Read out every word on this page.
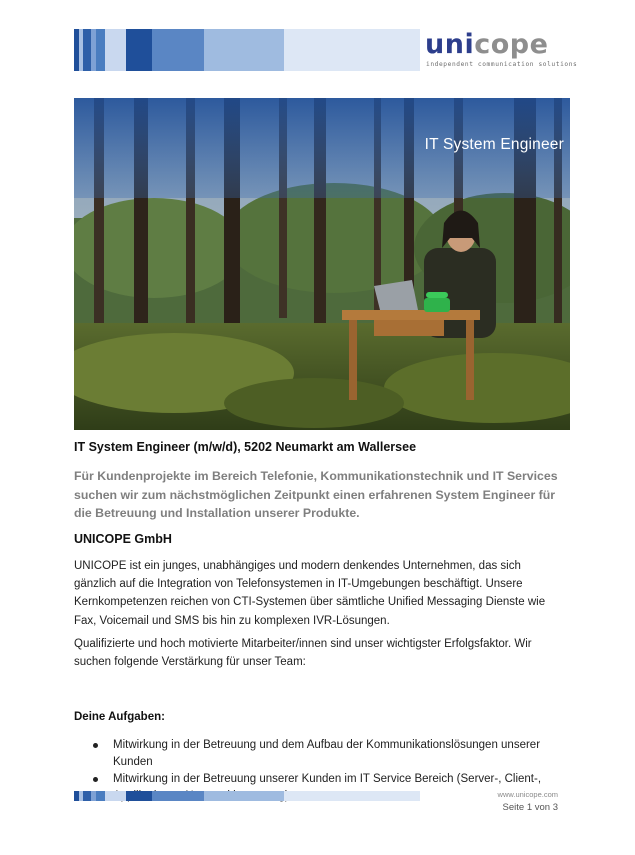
unicope
independent communication solutions
IT System Engineer
IT System Engineer (m/w/d), 5202 Neumarkt am Wallersee
Für Kundenprojekte im Bereich Telefonie, Kommunikationstechnik und IT Services suchen wir zum nächstmöglichen Zeitpunkt einen erfahrenen System Engineer für die Betreuung und Installation unserer Produkte.
UNICOPE GmbH
UNICOPE ist ein junges, unabhängiges und modern denkendes Unternehmen, das sich gänzlich auf die Integration von Telefonsystemen in IT-Umgebungen beschäftigt. Unsere Kernkompetenzen reichen von CTI-Systemen über sämtliche Unified Messaging Dienste wie Fax, Voicemail und SMS bis hin zu komplexen IVR-Lösungen.
Qualifizierte und hoch motivierte Mitarbeiter/innen sind unser wichtigster Erfolgsfaktor. Wir suchen folgende Verstärkung für unser Team:
Deine Aufgaben:
Mitwirkung in der Betreuung und dem Aufbau der Kommunikationslösungen unserer Kunden
Mitwirkung in der Betreuung unserer Kunden im IT Service Bereich (Server-, Client-,
www.unicope.com
Seite 1 von 3
